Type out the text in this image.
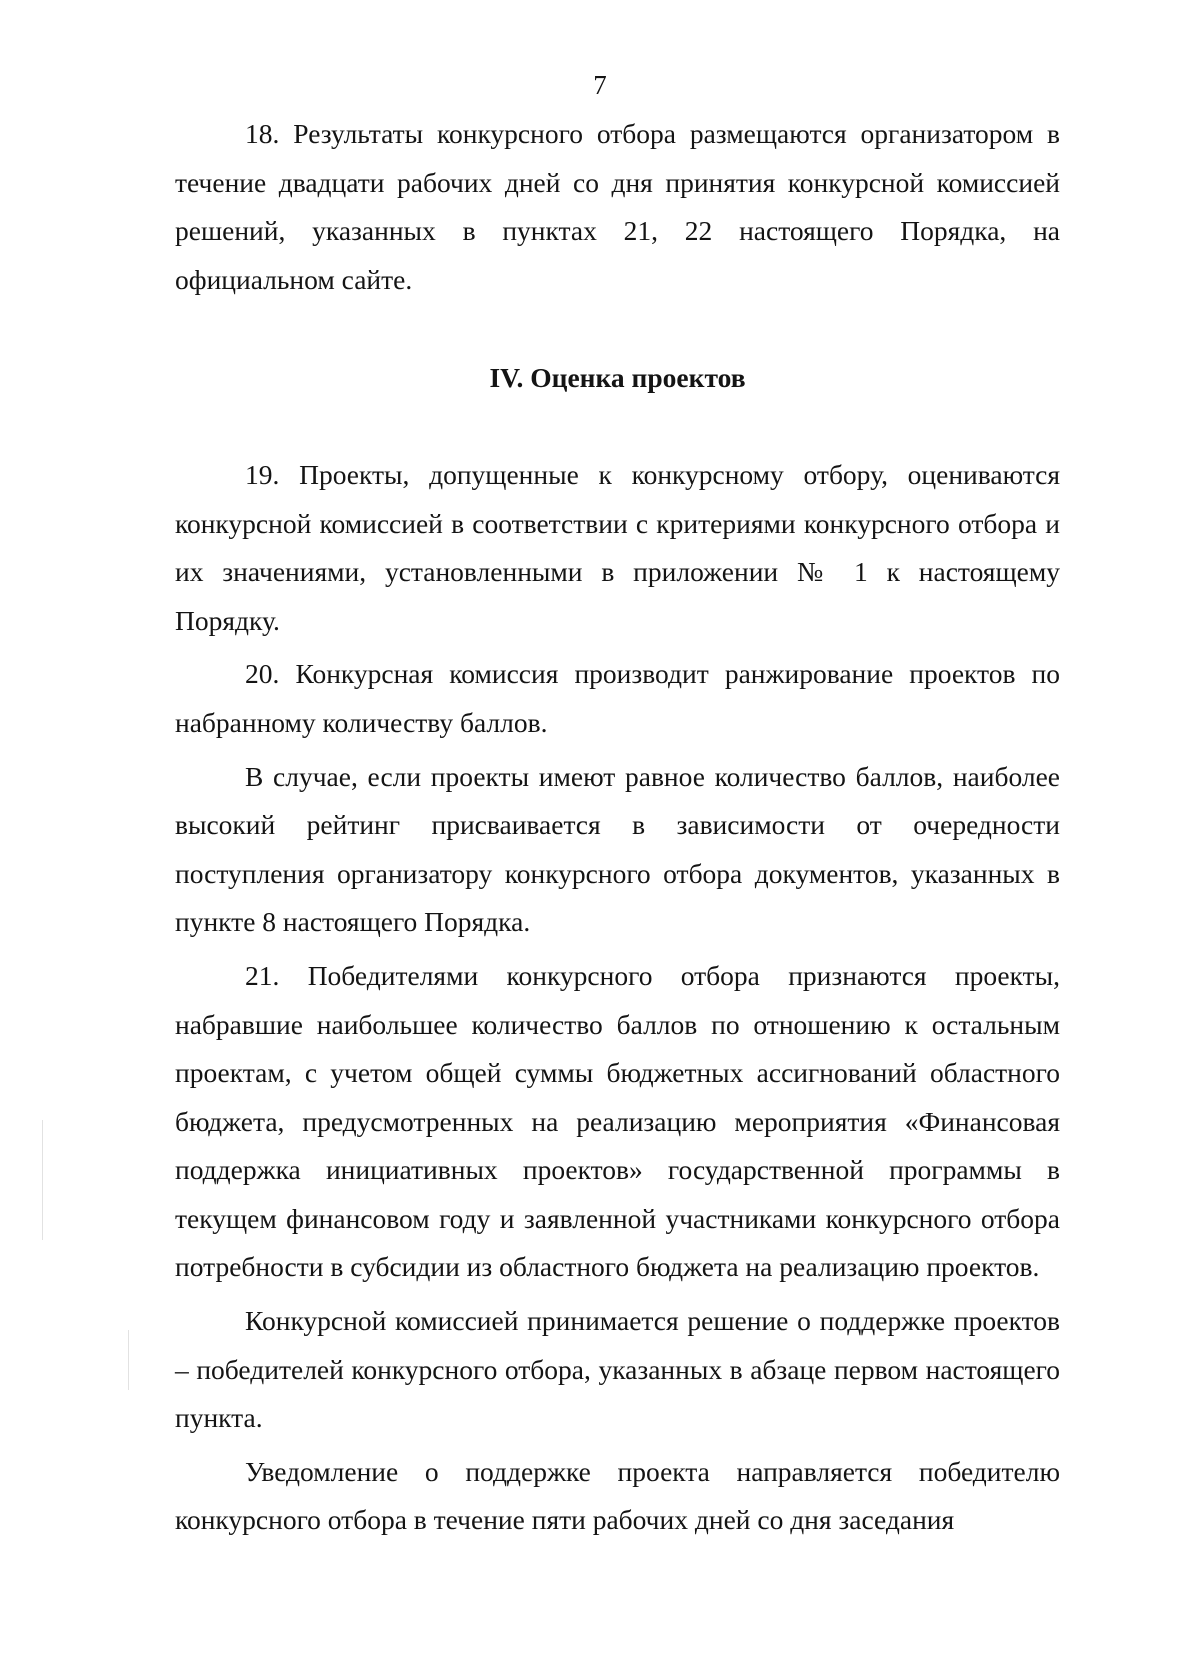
7

18. Результаты конкурсного отбора размещаются организатором в течение двадцати рабочих дней со дня принятия конкурсной комиссией решений, указанных в пунктах 21, 22 настоящего Порядка, на официальном сайте.

IV. Оценка проектов

19. Проекты, допущенные к конкурсному отбору, оцениваются конкурсной комиссией в соответствии с критериями конкурсного отбора и их значениями, установленными в приложении № 1 к настоящему Порядку.

20. Конкурсная комиссия производит ранжирование проектов по набранному количеству баллов.

В случае, если проекты имеют равное количество баллов, наиболее высокий рейтинг присваивается в зависимости от очередности поступления организатору конкурсного отбора документов, указанных в пункте 8 настоящего Порядка.

21. Победителями конкурсного отбора признаются проекты, набравшие наибольшее количество баллов по отношению к остальным проектам, с учетом общей суммы бюджетных ассигнований областного бюджета, предусмотренных на реализацию мероприятия «Финансовая поддержка инициативных проектов» государственной программы в текущем финансовом году и заявленной участниками конкурсного отбора потребности в субсидии из областного бюджета на реализацию проектов.

Конкурсной комиссией принимается решение о поддержке проектов – победителей конкурсного отбора, указанных в абзаце первом настоящего пункта.

Уведомление о поддержке проекта направляется победителю конкурсного отбора в течение пяти рабочих дней со дня заседания
